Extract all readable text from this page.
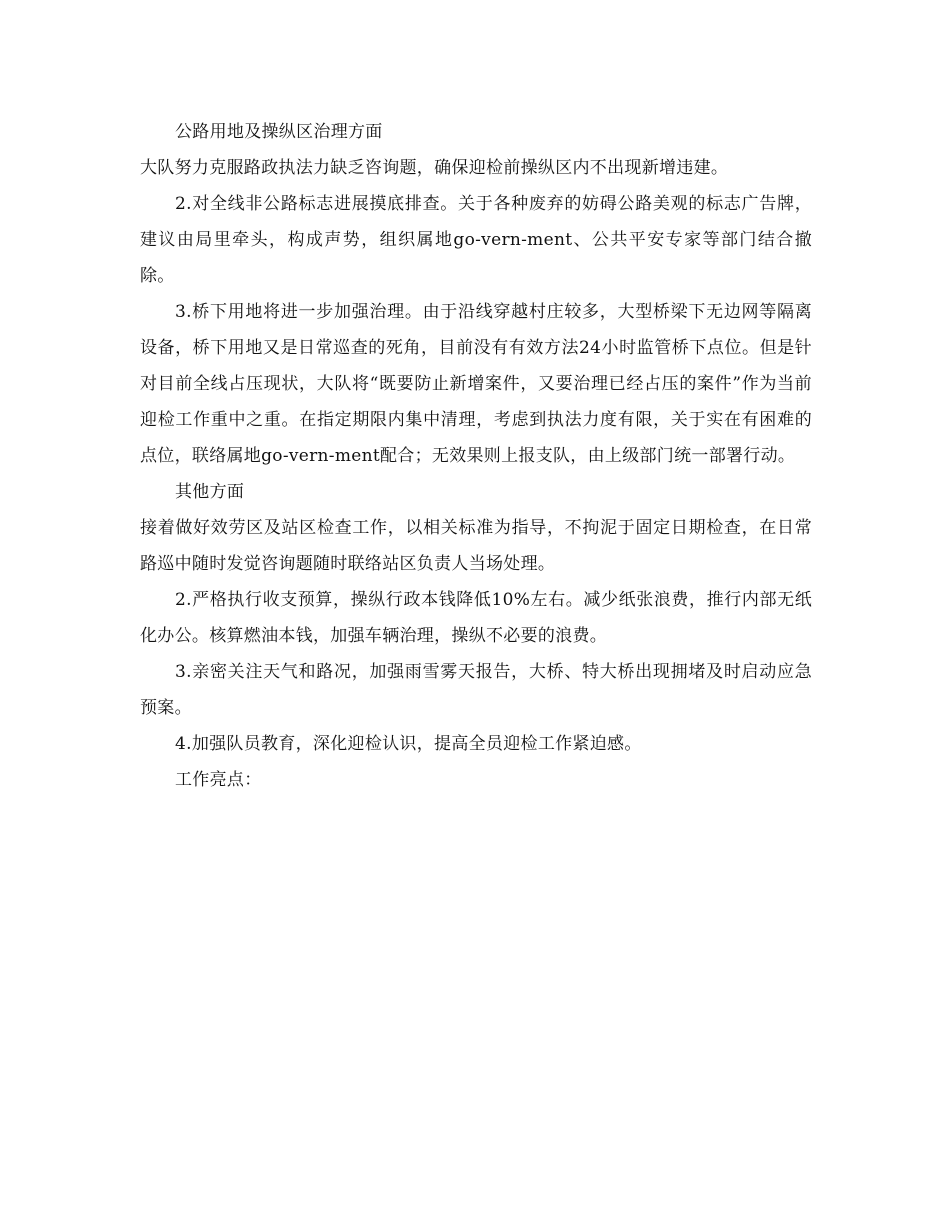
公路用地及操纵区治理方面

大队努力克服路政执法力缺乏咨询题，确保迎检前操纵区内不出现新增违建。

2.对全线非公路标志进展摸底排查。关于各种废弃的妨碍公路美观的标志广告牌，建议由局里牵头，构成声势，组织属地go-vern-ment、公共平安专家等部门结合撤除。

3.桥下用地将进一步加强治理。由于沿线穿越村庄较多，大型桥梁下无边网等隔离设备，桥下用地又是日常巡查的死角，目前没有有效方法24小时监管桥下点位。但是针对目前全线占压现状，大队将“既要防止新增案件，又要治理已经占压的案件”作为当前迎检工作重中之重。在指定期限内集中清理，考虑到执法力度有限，关于实在有困难的点位，联络属地go-vern-ment配合；无效果则上报支队，由上级部门统一部署行动。

其他方面

接着做好效劳区及站区检查工作，以相关标准为指导，不拘泥于固定日期检查，在日常路巡中随时发觉咨询题随时联络站区负责人当场处理。

2.严格执行收支预算，操纵行政本钱降低10%左右。减少纸张浪费，推行内部无纸化办公。核算燃油本钱，加强车辆治理，操纵不必要的浪费。

3.亲密关注天气和路况，加强雨雪雾天报告，大桥、特大桥出现拥堵及时启动应急预案。

4.加强队员教育，深化迎检认识，提高全员迎检工作紧迫感。

工作亮点：
